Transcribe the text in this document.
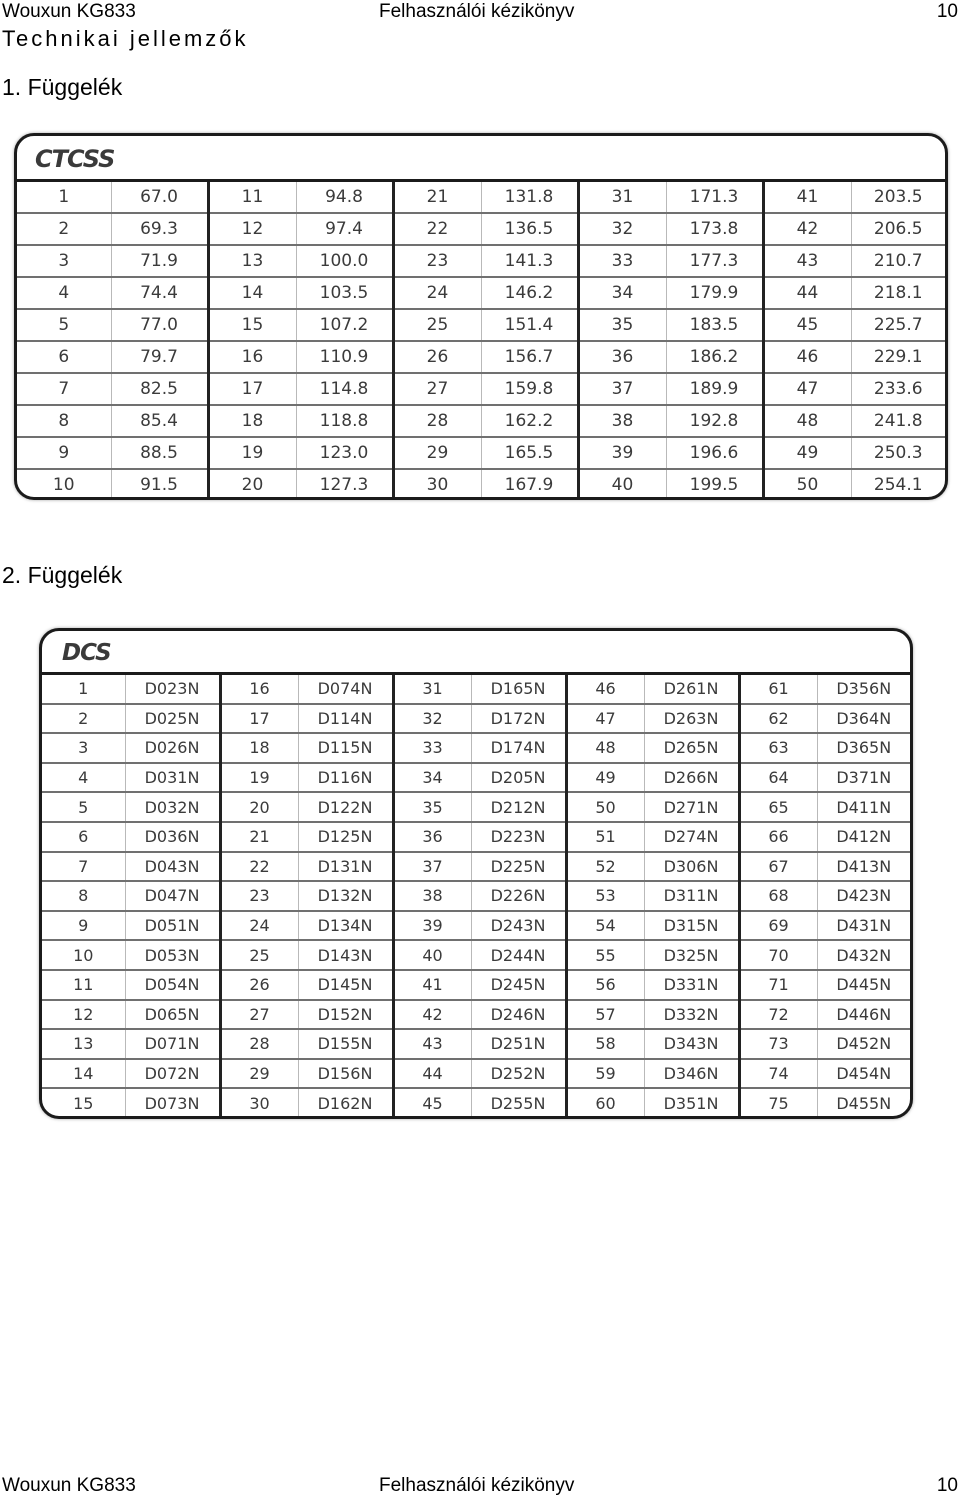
Wouxun KG833	Felhasználói kézikönyv	10
Technikai jellemzők
1. Függelék
CTCSS
1	67.0	11	94.8	21	131.8	31	171.3	41	203.5
2	69.3	12	97.4	22	136.5	32	173.8	42	206.5
3	71.9	13	100.0	23	141.3	33	177.3	43	210.7
4	74.4	14	103.5	24	146.2	34	179.9	44	218.1
5	77.0	15	107.2	25	151.4	35	183.5	45	225.7
6	79.7	16	110.9	26	156.7	36	186.2	46	229.1
7	82.5	17	114.8	27	159.8	37	189.9	47	233.6
8	85.4	18	118.8	28	162.2	38	192.8	48	241.8
9	88.5	19	123.0	29	165.5	39	196.6	49	250.3
10	91.5	20	127.3	30	167.9	40	199.5	50	254.1
2. Függelék
DCS
1	D023N	16	D074N	31	D165N	46	D261N	61	D356N
2	D025N	17	D114N	32	D172N	47	D263N	62	D364N
3	D026N	18	D115N	33	D174N	48	D265N	63	D365N
4	D031N	19	D116N	34	D205N	49	D266N	64	D371N
5	D032N	20	D122N	35	D212N	50	D271N	65	D411N
6	D036N	21	D125N	36	D223N	51	D274N	66	D412N
7	D043N	22	D131N	37	D225N	52	D306N	67	D413N
8	D047N	23	D132N	38	D226N	53	D311N	68	D423N
9	D051N	24	D134N	39	D243N	54	D315N	69	D431N
10	D053N	25	D143N	40	D244N	55	D325N	70	D432N
11	D054N	26	D145N	41	D245N	56	D331N	71	D445N
12	D065N	27	D152N	42	D246N	57	D332N	72	D446N
13	D071N	28	D155N	43	D251N	58	D343N	73	D452N
14	D072N	29	D156N	44	D252N	59	D346N	74	D454N
15	D073N	30	D162N	45	D255N	60	D351N	75	D455N
Wouxun KG833	Felhasználói kézikönyv	10
